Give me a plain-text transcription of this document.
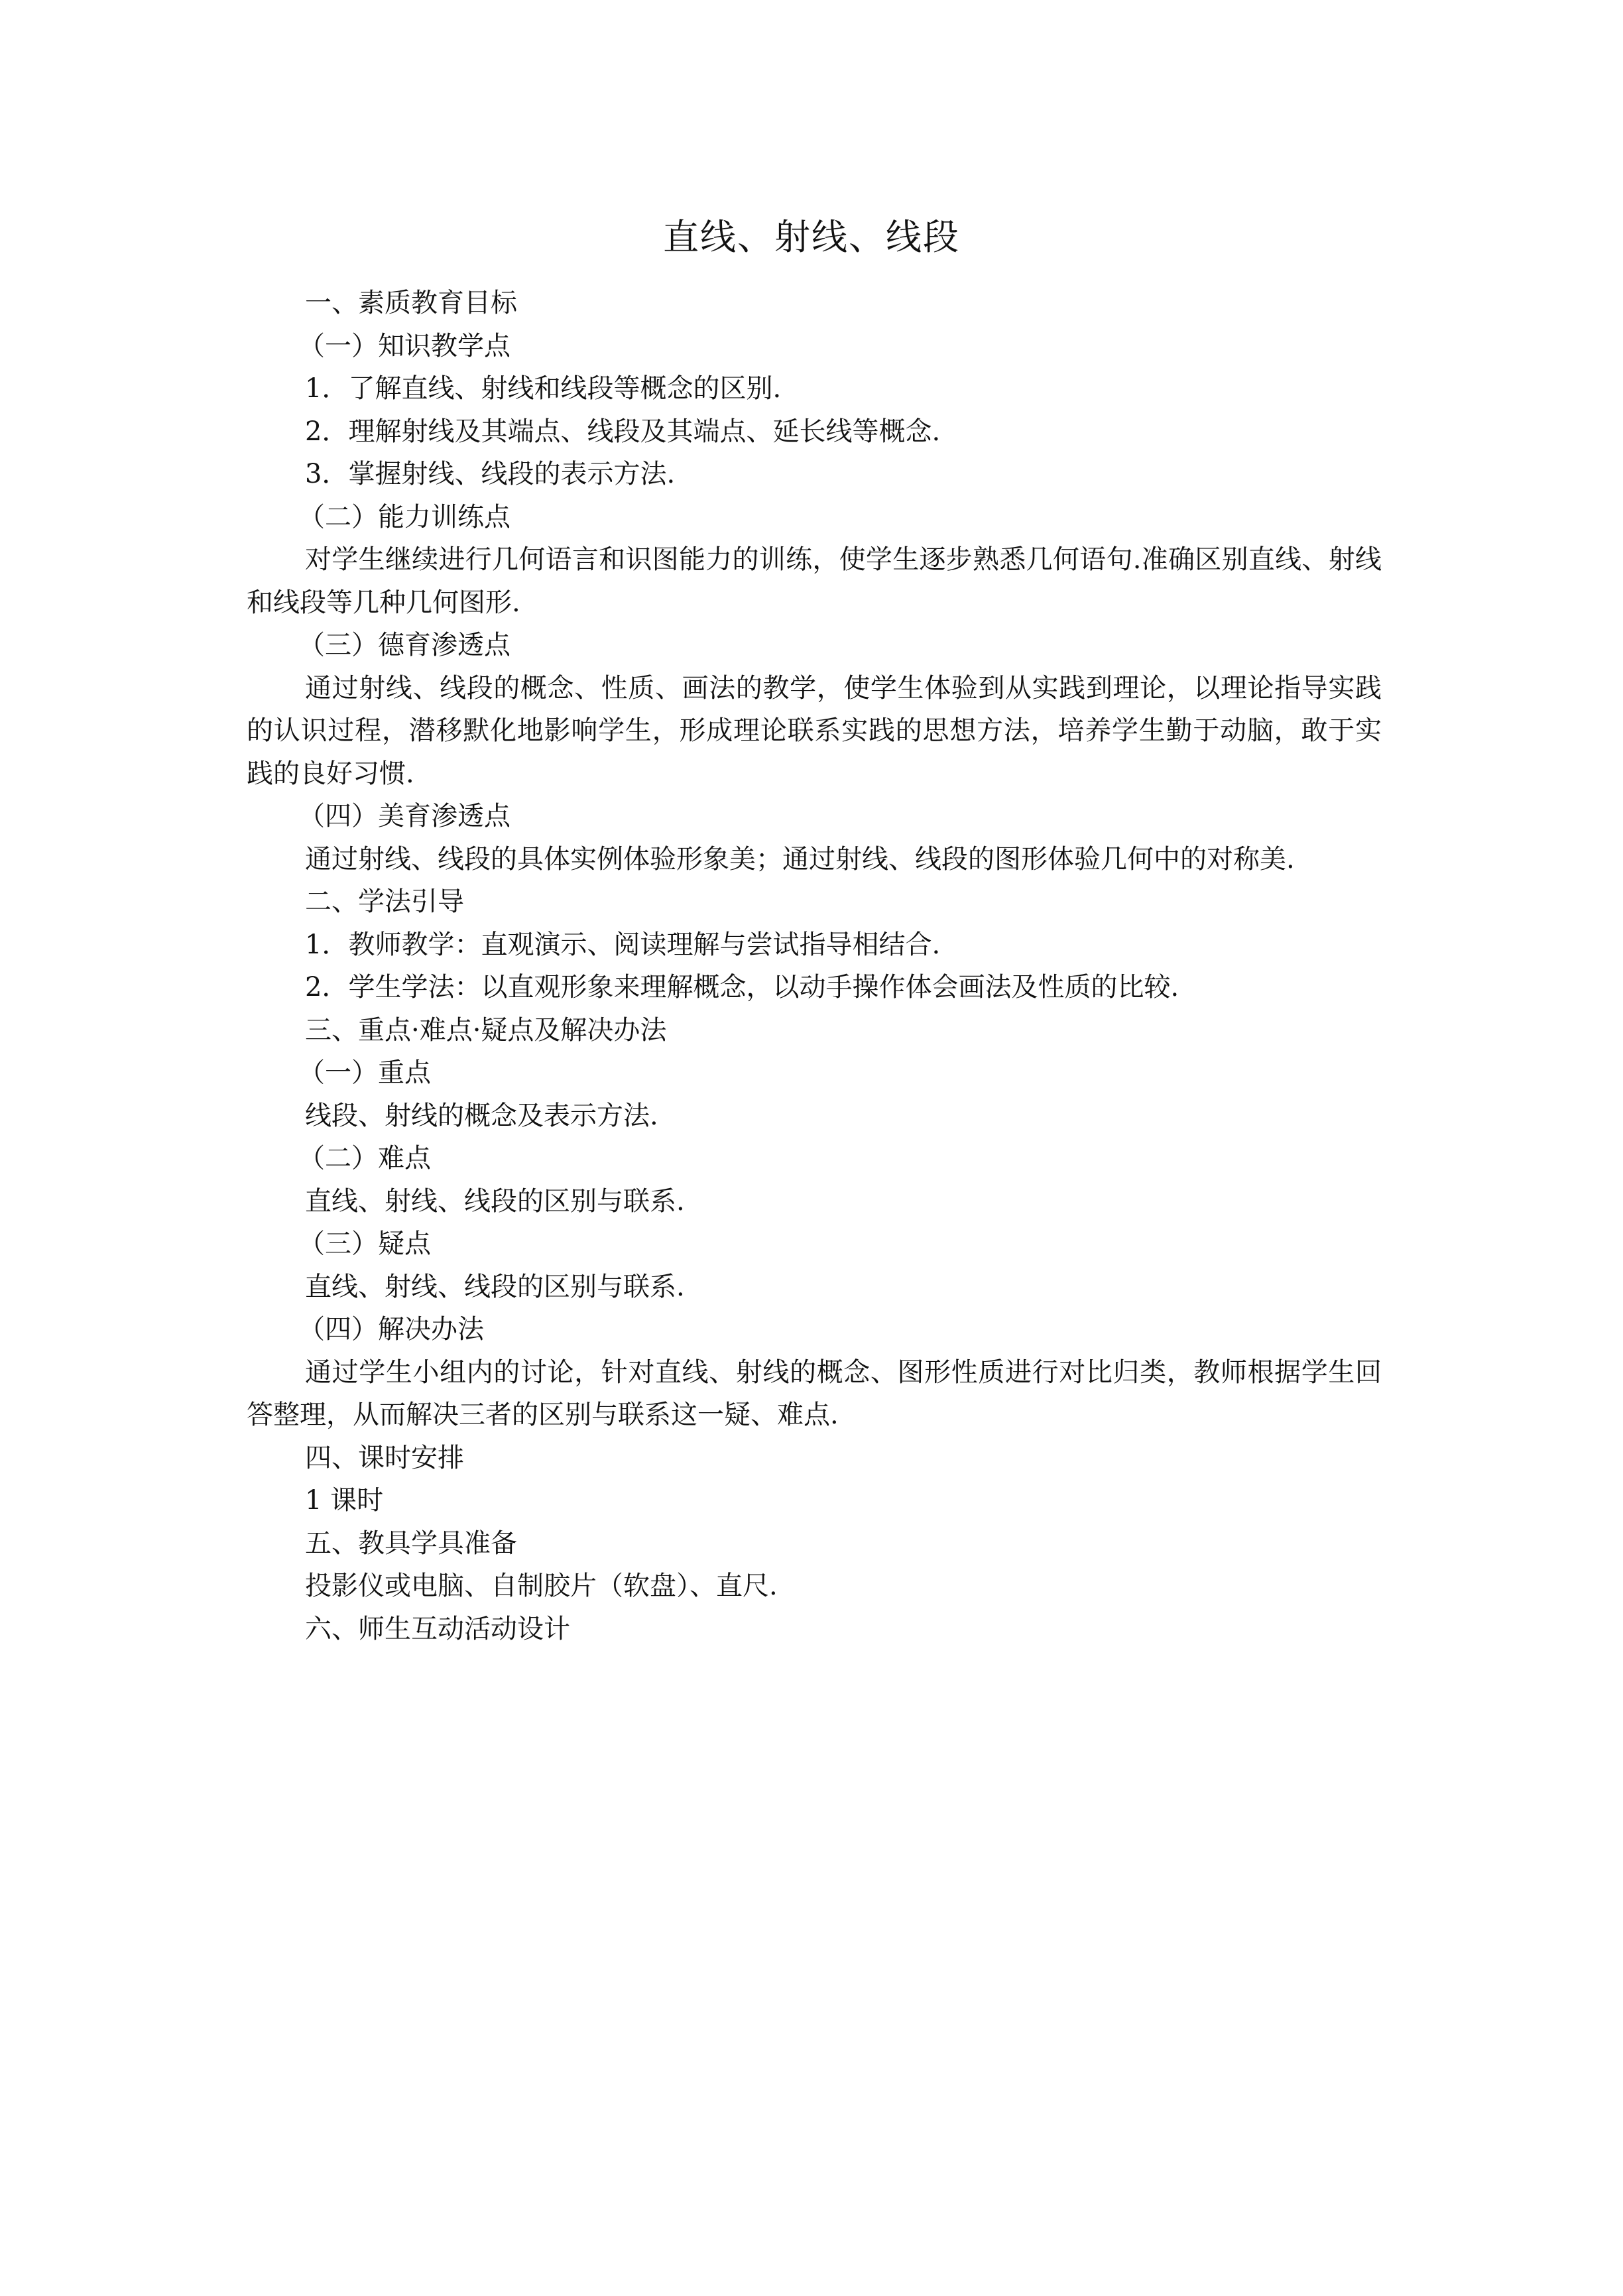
直线、射线、线段
一、素质教育目标
（一）知识教学点
1．了解直线、射线和线段等概念的区别.
2．理解射线及其端点、线段及其端点、延长线等概念.
3．掌握射线、线段的表示方法.
（二）能力训练点
对学生继续进行几何语言和识图能力的训练，使学生逐步熟悉几何语句.准确区别直线、射线和线段等几种几何图形.
（三）德育渗透点
通过射线、线段的概念、性质、画法的教学，使学生体验到从实践到理论，以理论指导实践的认识过程，潜移默化地影响学生，形成理论联系实践的思想方法，培养学生勤于动脑，敢于实践的良好习惯.
（四）美育渗透点
通过射线、线段的具体实例体验形象美；通过射线、线段的图形体验几何中的对称美.
二、学法引导
1．教师教学：直观演示、阅读理解与尝试指导相结合.
2．学生学法：以直观形象来理解概念，以动手操作体会画法及性质的比较.
三、重点·难点·疑点及解决办法
（一）重点
线段、射线的概念及表示方法.
（二）难点
直线、射线、线段的区别与联系.
（三）疑点
直线、射线、线段的区别与联系.
（四）解决办法
通过学生小组内的讨论，针对直线、射线的概念、图形性质进行对比归类，教师根据学生回答整理，从而解决三者的区别与联系这一疑、难点.
四、课时安排
1 课时
五、教具学具准备
投影仪或电脑、自制胶片（软盘）、直尺.
六、师生互动活动设计
